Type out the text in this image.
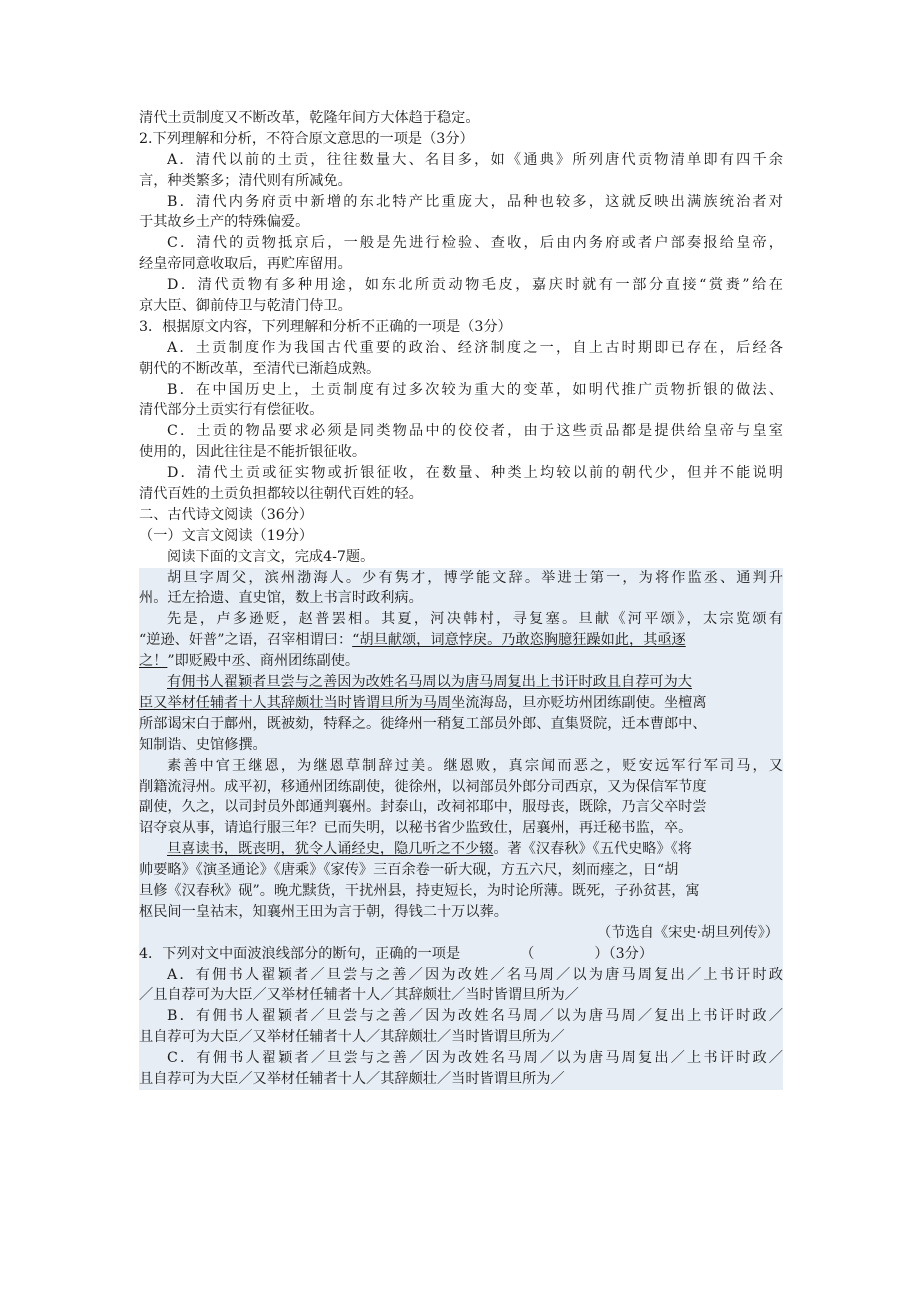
清代土贡制度又不断改革，乾隆年间方大体趋于稳定。
2.下列理解和分析，不符合原文意思的一项是（3分）
A．清代以前的土贡，往往数量大、名目多，如《通典》所列唐代贡物清单即有四千余
言，种类繁多；清代则有所减免。
B．清代内务府贡中新增的东北特产比重庞大，品种也较多，这就反映出满族统治者对
于其故乡土产的特殊偏爱。
C．清代的贡物抵京后，一般是先进行检验、查收，后由内务府或者户部奏报给皇帝，
经皇帝同意收取后，再贮库留用。
D．清代贡物有多种用途，如东北所贡动物毛皮，嘉庆时就有一部分直接“赏赉”给在
京大臣、御前侍卫与乾清门侍卫。
3．根据原文内容，下列理解和分析不正确的一项是（3分）
A．土贡制度作为我国古代重要的政治、经济制度之一，自上古时期即已存在，后经各
朝代的不断改革，至清代已渐趋成熟。
B．在中国历史上，土贡制度有过多次较为重大的变革，如明代推广贡物折银的做法、
清代部分土贡实行有偿征收。
C．土贡的物品要求必须是同类物品中的佼佼者，由于这些贡品都是提供给皇帝与皇室
使用的，因此往往是不能折银征收。
D．清代土贡或征实物或折银征收，在数量、种类上均较以前的朝代少，但并不能说明
清代百姓的土贡负担都较以往朝代百姓的轻。
二、古代诗文阅读（36分）
（一）文言文阅读（19分）
阅读下面的文言文，完成4-7题。
胡旦字周父，滨州渤海人。少有隽才，博学能文辞。举进士第一，为将作监丞、通判升
州。迁左拾遗、直史馆，数上书言时政利病。
先是，卢多逊贬，赵普罢相。其夏，河决韩村，寻复塞。旦献《河平颂》，太宗览颂有
“逆逊、奸普”之语，召宰相谓曰：“胡旦献颂，词意悖戾。乃敢恣胸臆狂躁如此，其亟逐
之！”即贬殿中丞、商州团练副使。
有佣书人翟颖者旦尝与之善因为改姓名马周以为唐马周复出上书讦时政且自荐可为大
臣又举材任辅者十人其辞颇壮当时皆谓旦所为马周坐流海岛，旦亦贬坊州团练副使。坐檀离
所部谒宋白于鄜州，既被劾，特释之。徙绛州一稍复工部员外郎、直集贤院，迁本曹郎中、
知制诰、史馆修撰。
素善中官王继恩，为继恩草制辞过美。继恩败，真宗闻而恶之，贬安远军行军司马，又
削籍流浔州。成平初，移通州团练副使，徙徐州，以祠部员外郎分司西京，又为保信军节度
副使，久之，以司封员外郎通判襄州。封泰山，改祠祁耶中，服母丧，既除，乃言父卒时尝
诏夺哀从事，请追行服三年？已而失明，以秘书省少监致仕，居襄州，再迁秘书监，卒。
旦喜读书，既丧明，犹令人诵经史，隐几听之不少辍。著《汉春秋》《五代史略》《将
帅要略》《演圣通论》《唐乘》《家传》三百余卷一斫大砚，方五六尺，刻而瘗之，日“胡
旦修《汉春秋》砚”。晚尤黩货，干扰州县，持吏短长，为时论所薄。既死，子孙贫甚，寓
枢民间一皇祜末，知襄州王田为言于朝，得钱二十万以葬。
（节选自《宋史·胡旦列传》）
4．下列对文中面波浪线部分的断句，正确的一项是	（	）（3分）
A．有佣书人翟颖者／旦尝与之善／因为改姓／名马周／以为唐马周复出／上书讦时政
／且自荐可为大臣／又举材任辅者十人／其辞颇壮／当时皆谓旦所为／
B．有佣书人翟颖者／旦尝与之善／因为改姓名马周／以为唐马周／复出上书讦时政／
且自荐可为大臣／又举材任辅者十人／其辞颇壮／当时皆谓旦所为／
C．有佣书人翟颖者／旦尝与之善／因为改姓名马周／以为唐马周复出／上书讦时政／
且自荐可为大臣／又举材任辅者十人／其辞颇壮／当时皆谓旦所为／
